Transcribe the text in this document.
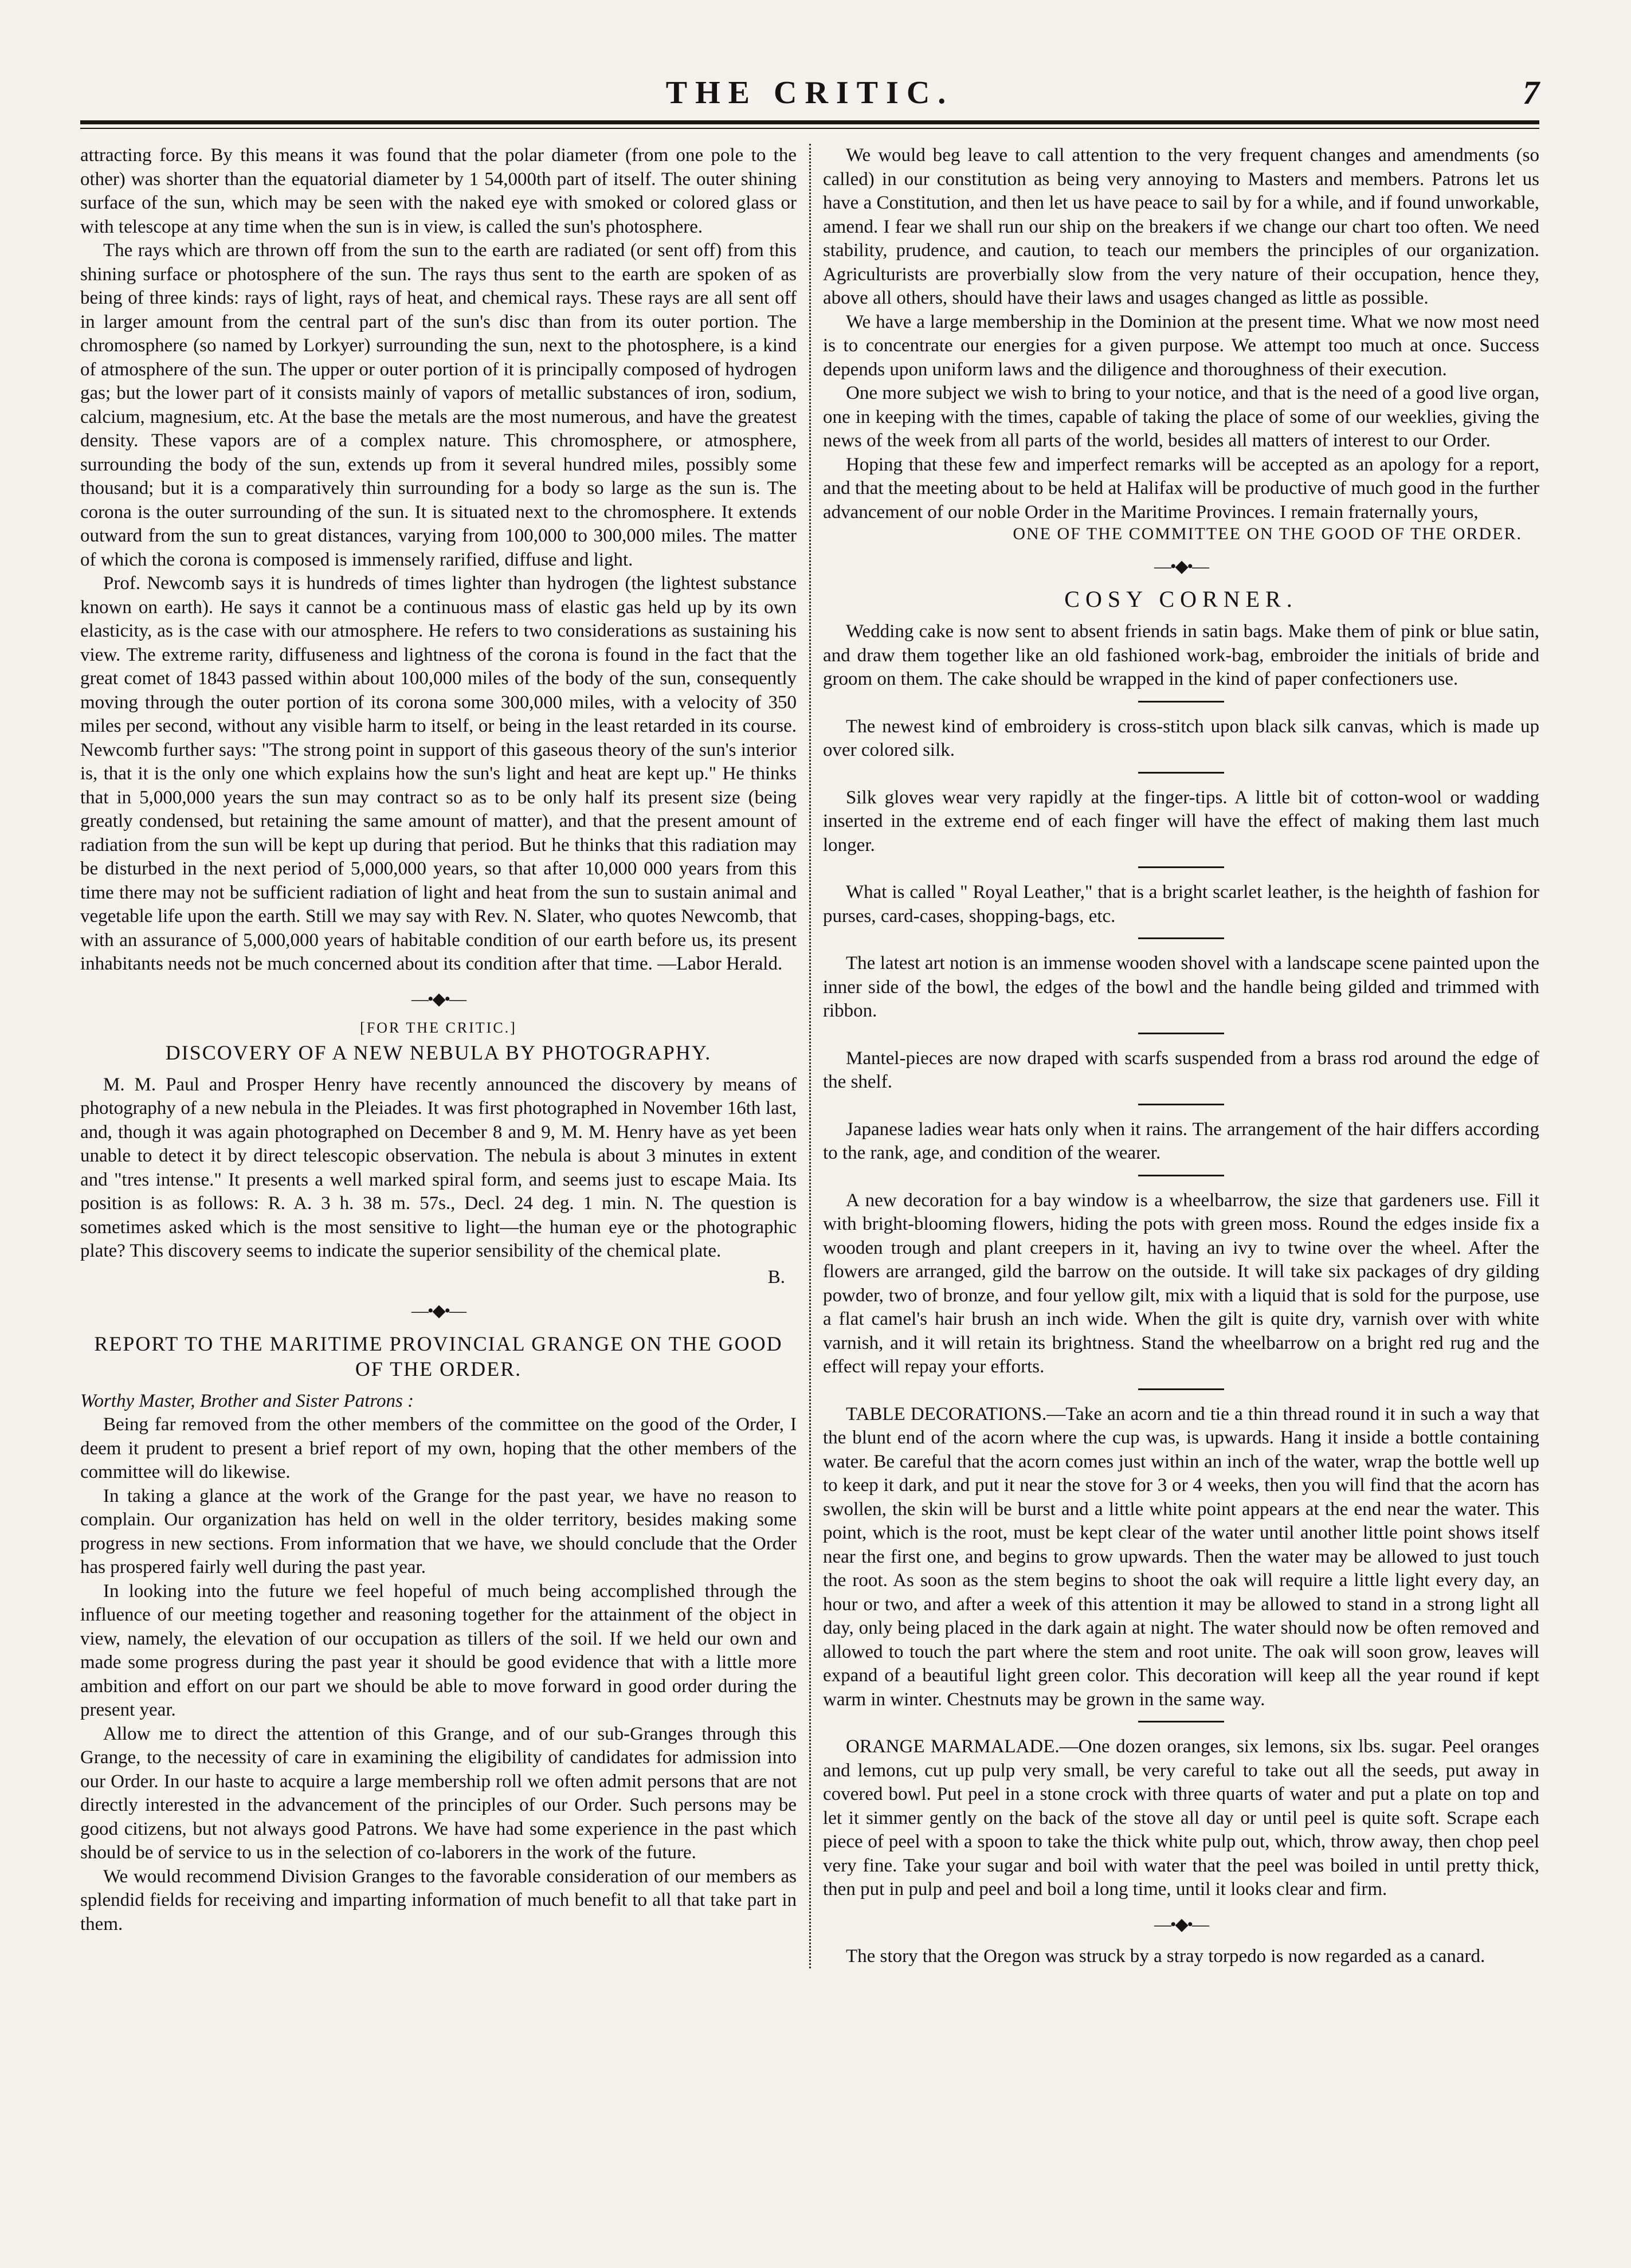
THE CRITIC.	7

attracting force. By this means it was found that the polar diameter (from one pole to the other) was shorter than the equatorial diameter by 1 54,000th part of itself. The outer shining surface of the sun, which may be seen with the naked eye with smoked or colored glass or with telescope at any time when the sun is in view, is called the sun's photosphere.

The rays which are thrown off from the sun to the earth are radiated (or sent off) from this shining surface or photosphere of the sun. The rays thus sent to the earth are spoken of as being of three kinds: rays of light, rays of heat, and chemical rays. These rays are all sent off in larger amount from the central part of the sun's disc than from its outer portion. The chromosphere (so named by Lorkyer) surrounding the sun, next to the photosphere, is a kind of atmosphere of the sun. The upper or outer portion of it is principally composed of hydrogen gas; but the lower part of it consists mainly of vapors of metallic substances of iron, sodium, calcium, magnesium, etc. At the base the metals are the most numerous, and have the greatest density. These vapors are of a complex nature. This chromosphere, or atmosphere, surrounding the body of the sun, extends up from it several hundred miles, possibly some thousand; but it is a comparatively thin surrounding for a body so large as the sun is. The corona is the outer surrounding of the sun. It is situated next to the chromosphere. It extends outward from the sun to great distances, varying from 100,000 to 300,000 miles. The matter of which the corona is composed is immensely rarified, diffuse and light.

Prof. Newcomb says it is hundreds of times lighter than hydrogen (the lightest substance known on earth). He says it cannot be a continuous mass of elastic gas held up by its own elasticity, as is the case with our atmosphere. He refers to two considerations as sustaining his view. The extreme rarity, diffuseness and lightness of the corona is found in the fact that the great comet of 1843 passed within about 100,000 miles of the body of the sun, consequently moving through the outer portion of its corona some 300,000 miles, with a velocity of 350 miles per second, without any visible harm to itself, or being in the least retarded in its course. Newcomb further says: "The strong point in support of this gaseous theory of the sun's interior is, that it is the only one which explains how the sun's light and heat are kept up." He thinks that in 5,000,000 years the sun may contract so as to be only half its present size (being greatly condensed, but retaining the same amount of matter), and that the present amount of radiation from the sun will be kept up during that period. But he thinks that this radiation may be disturbed in the next period of 5,000,000 years, so that after 10,000 000 years from this time there may not be sufficient radiation of light and heat from the sun to sustain animal and vegetable life upon the earth. Still we may say with Rev. N. Slater, who quotes Newcomb, that with an assurance of 5,000,000 years of habitable condition of our earth before us, its present inhabitants needs not be much concerned about its condition after that time. —Labor Herald.

—•◆•—
[FOR THE CRITIC.]
DISCOVERY OF A NEW NEBULA BY PHOTOGRAPHY.

M. M. Paul and Prosper Henry have recently announced the discovery by means of photography of a new nebula in the Pleiades. It was first photographed in November 16th last, and, though it was again photographed on December 8 and 9, M. M. Henry have as yet been unable to detect it by direct telescopic observation. The nebula is about 3 minutes in extent and "tres intense." It presents a well marked spiral form, and seems just to escape Maia. Its position is as follows: R. A. 3 h. 38 m. 57s., Decl. 24 deg. 1 min. N. The question is sometimes asked which is the most sensitive to light—the human eye or the photographic plate? This discovery seems to indicate the superior sensibility of the chemical plate.

B.
—•◆•—
REPORT TO THE MARITIME PROVINCIAL GRANGE ON THE GOOD OF THE ORDER.
Worthy Master, Brother and Sister Patrons :

Being far removed from the other members of the committee on the good of the Order, I deem it prudent to present a brief report of my own, hoping that the other members of the committee will do likewise.

In taking a glance at the work of the Grange for the past year, we have no reason to complain. Our organization has held on well in the older territory, besides making some progress in new sections. From information that we have, we should conclude that the Order has prospered fairly well during the past year.

In looking into the future we feel hopeful of much being accomplished through the influence of our meeting together and reasoning together for the attainment of the object in view, namely, the elevation of our occupation as tillers of the soil. If we held our own and made some progress during the past year it should be good evidence that with a little more ambition and effort on our part we should be able to move forward in good order during the present year.

Allow me to direct the attention of this Grange, and of our sub-Granges through this Grange, to the necessity of care in examining the eligibility of candidates for admission into our Order. In our haste to acquire a large membership roll we often admit persons that are not directly interested in the advancement of the principles of our Order. Such persons may be good citizens, but not always good Patrons. We have had some experience in the past which should be of service to us in the selection of co-laborers in the work of the future.

We would recommend Division Granges to the favorable consideration of our members as splendid fields for receiving and imparting information of much benefit to all that take part in them.

We would beg leave to call attention to the very frequent changes and amendments (so called) in our constitution as being very annoying to Masters and members. Patrons let us have a Constitution, and then let us have peace to sail by for a while, and if found unworkable, amend. I fear we shall run our ship on the breakers if we change our chart too often. We need stability, prudence, and caution, to teach our members the principles of our organization. Agriculturists are proverbially slow from the very nature of their occupation, hence they, above all others, should have their laws and usages changed as little as possible.

We have a large membership in the Dominion at the present time. What we now most need is to concentrate our energies for a given purpose. We attempt too much at once. Success depends upon uniform laws and the diligence and thoroughness of their execution.

One more subject we wish to bring to your notice, and that is the need of a good live organ, one in keeping with the times, capable of taking the place of some of our weeklies, giving the news of the week from all parts of the world, besides all matters of interest to our Order.

Hoping that these few and imperfect remarks will be accepted as an apology for a report, and that the meeting about to be held at Halifax will be productive of much good in the further advancement of our noble Order in the Maritime Provinces. I remain fraternally yours,

ONE OF THE COMMITTEE ON THE GOOD OF THE ORDER.
—•◆•—
COSY CORNER.

Wedding cake is now sent to absent friends in satin bags. Make them of pink or blue satin, and draw them together like an old fashioned work-bag, embroider the initials of bride and groom on them. The cake should be wrapped in the kind of paper confectioners use.

The newest kind of embroidery is cross-stitch upon black silk canvas, which is made up over colored silk.

Silk gloves wear very rapidly at the finger-tips. A little bit of cotton-wool or wadding inserted in the extreme end of each finger will have the effect of making them last much longer.

What is called " Royal Leather," that is a bright scarlet leather, is the heighth of fashion for purses, card-cases, shopping-bags, etc.

The latest art notion is an immense wooden shovel with a landscape scene painted upon the inner side of the bowl, the edges of the bowl and the handle being gilded and trimmed with ribbon.

Mantel-pieces are now draped with scarfs suspended from a brass rod around the edge of the shelf.

Japanese ladies wear hats only when it rains. The arrangement of the hair differs according to the rank, age, and condition of the wearer.

A new decoration for a bay window is a wheelbarrow, the size that gardeners use. Fill it with bright-blooming flowers, hiding the pots with green moss. Round the edges inside fix a wooden trough and plant creepers in it, having an ivy to twine over the wheel. After the flowers are arranged, gild the barrow on the outside. It will take six packages of dry gilding powder, two of bronze, and four yellow gilt, mix with a liquid that is sold for the purpose, use a flat camel's hair brush an inch wide. When the gilt is quite dry, varnish over with white varnish, and it will retain its brightness. Stand the wheelbarrow on a bright red rug and the effect will repay your efforts.

TABLE DECORATIONS.—Take an acorn and tie a thin thread round it in such a way that the blunt end of the acorn where the cup was, is upwards. Hang it inside a bottle containing water. Be careful that the acorn comes just within an inch of the water, wrap the bottle well up to keep it dark, and put it near the stove for 3 or 4 weeks, then you will find that the acorn has swollen, the skin will be burst and a little white point appears at the end near the water. This point, which is the root, must be kept clear of the water until another little point shows itself near the first one, and begins to grow upwards. Then the water may be allowed to just touch the root. As soon as the stem begins to shoot the oak will require a little light every day, an hour or two, and after a week of this attention it may be allowed to stand in a strong light all day, only being placed in the dark again at night. The water should now be often removed and allowed to touch the part where the stem and root unite. The oak will soon grow, leaves will expand of a beautiful light green color. This decoration will keep all the year round if kept warm in winter. Chestnuts may be grown in the same way.

ORANGE MARMALADE.—One dozen oranges, six lemons, six lbs. sugar. Peel oranges and lemons, cut up pulp very small, be very careful to take out all the seeds, put away in covered bowl. Put peel in a stone crock with three quarts of water and put a plate on top and let it simmer gently on the back of the stove all day or until peel is quite soft. Scrape each piece of peel with a spoon to take the thick white pulp out, which, throw away, then chop peel very fine. Take your sugar and boil with water that the peel was boiled in until pretty thick, then put in pulp and peel and boil a long time, until it looks clear and firm.

—•◆•—

The story that the Oregon was struck by a stray torpedo is now regarded as a canard.
